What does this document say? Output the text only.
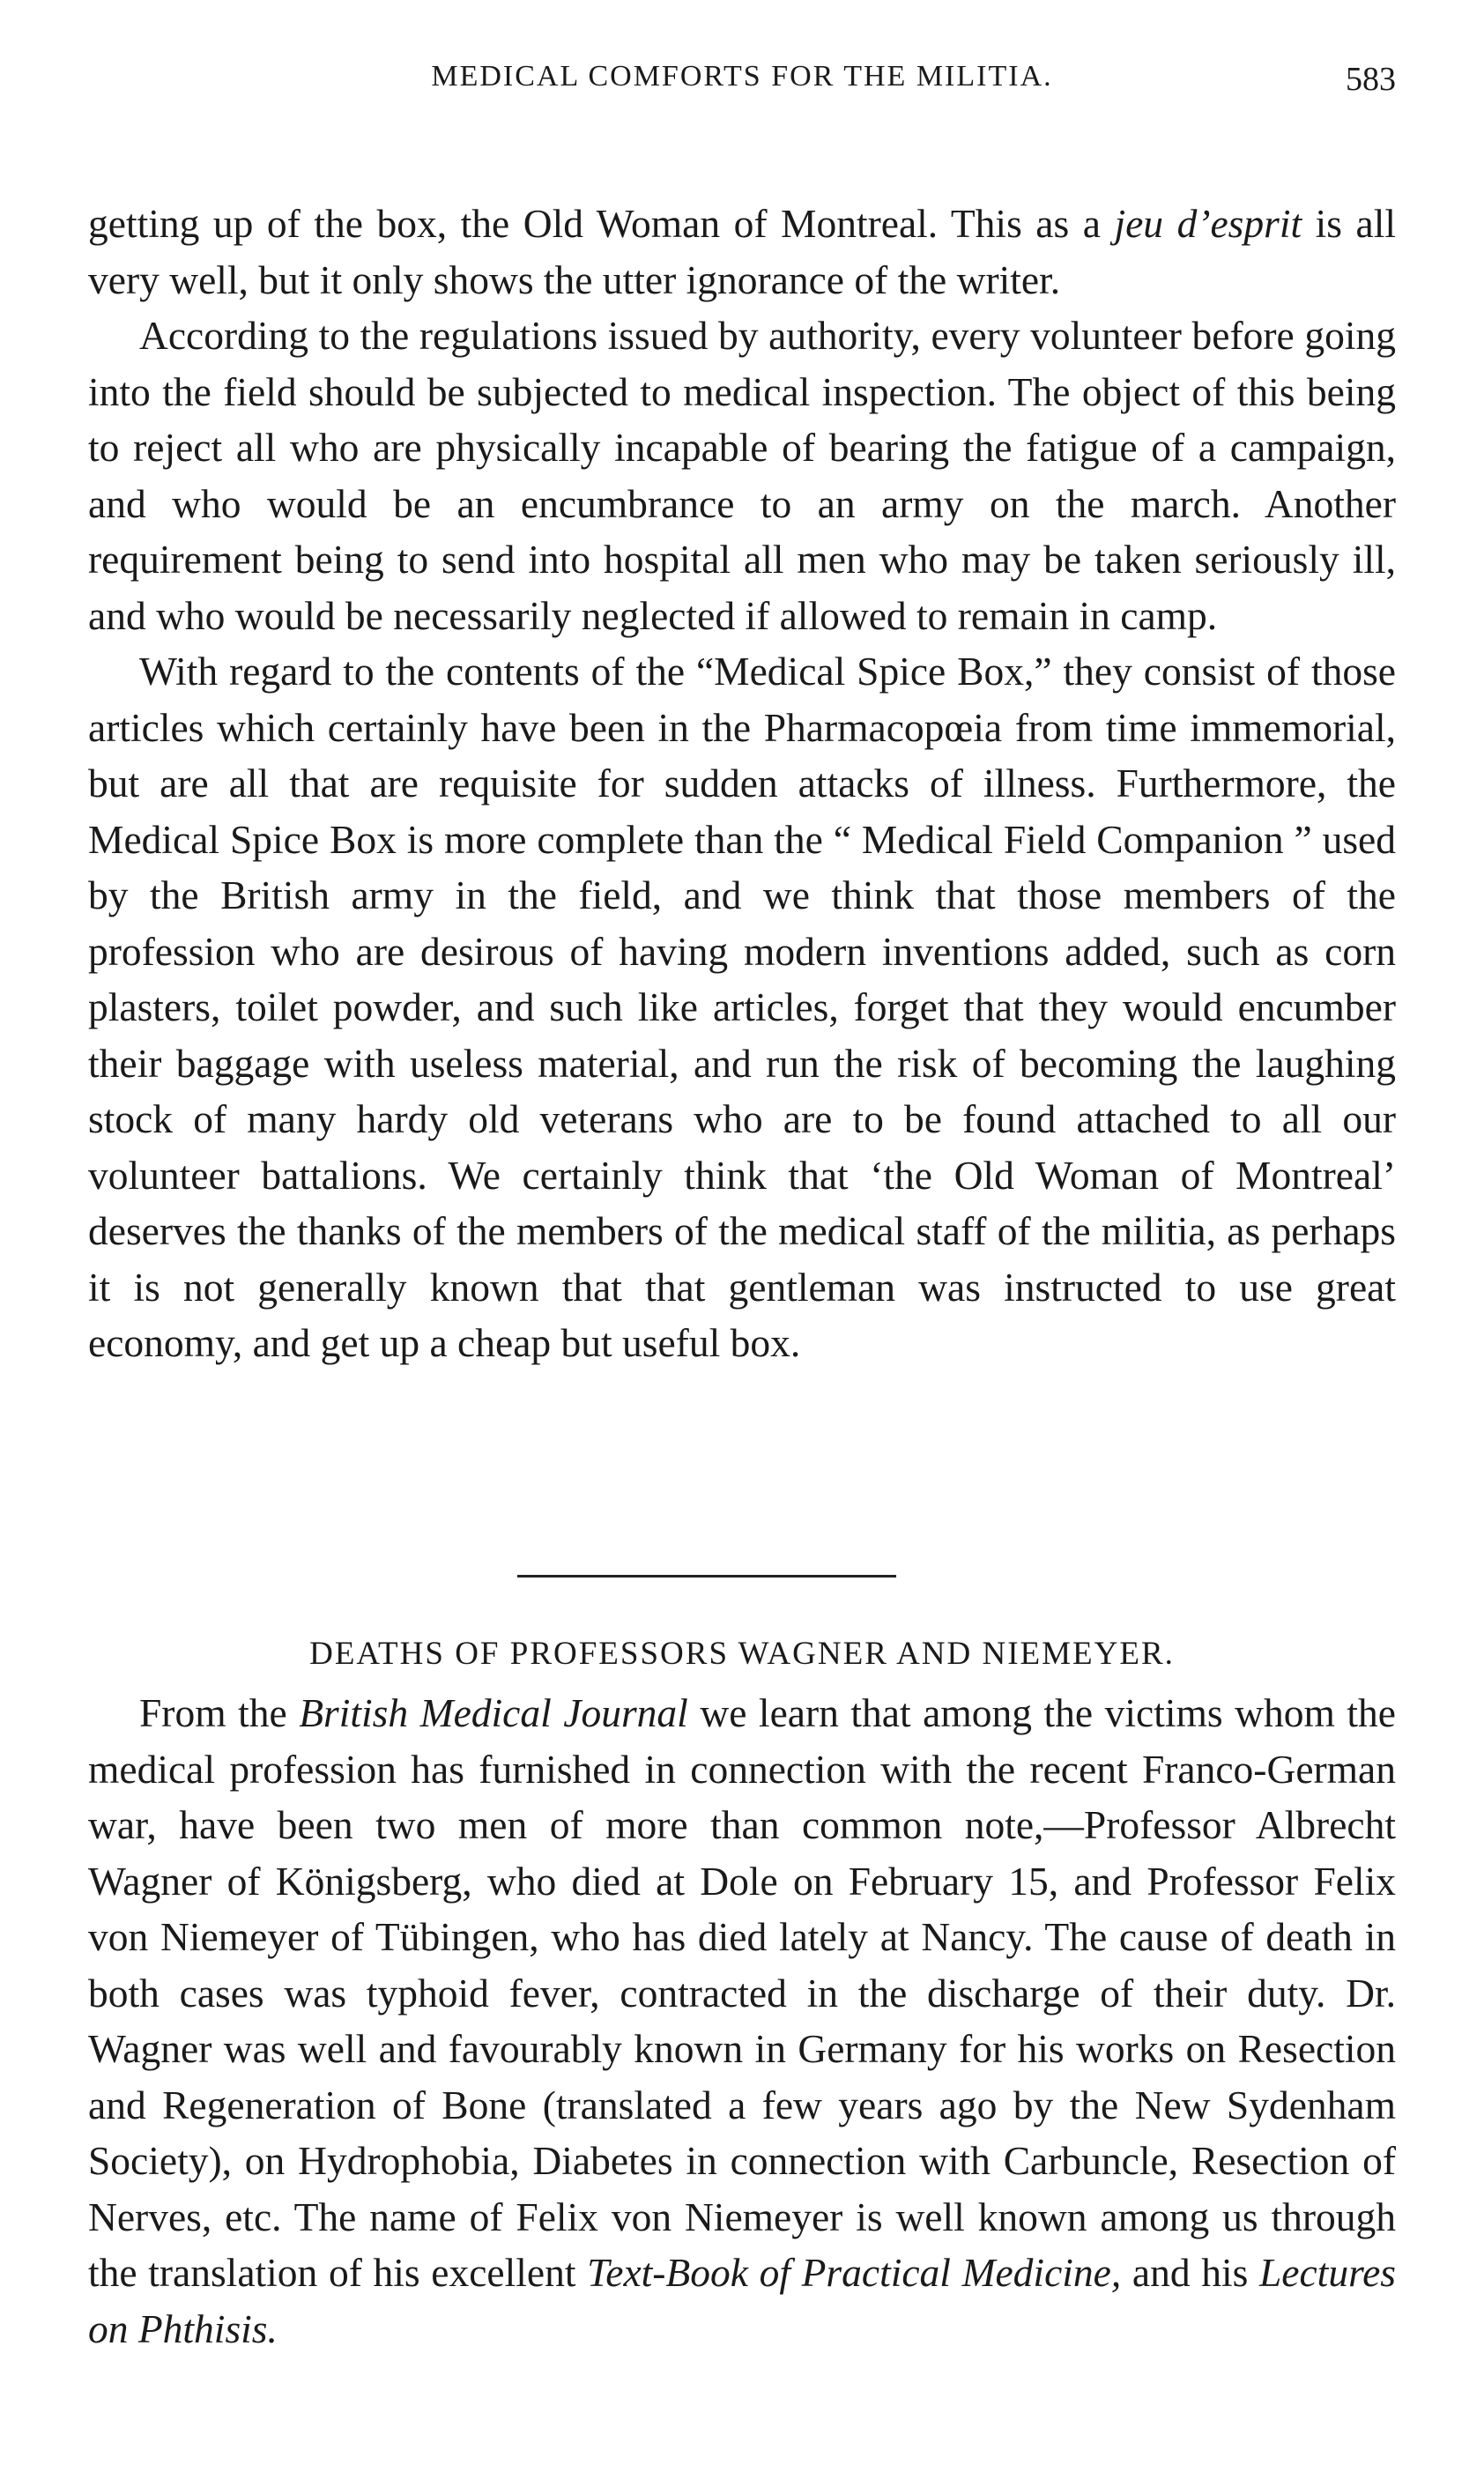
MEDICAL COMFORTS FOR THE MILITIA.	583

getting up of the box, the Old Woman of Montreal. This as a jeu d’esprit is all very well, but it only shows the utter ignorance of the writer.

According to the regulations issued by authority, every volunteer before going into the field should be subjected to medical inspection. The object of this being to reject all who are physically incapable of bearing the fatigue of a campaign, and who would be an encumbrance to an army on the march. Another requirement being to send into hospital all men who may be taken seriously ill, and who would be necessarily neglected if allowed to remain in camp.

With regard to the contents of the “Medical Spice Box,” they consist of those articles which certainly have been in the Pharmacopœia from time immemorial, but are all that are requisite for sudden attacks of illness. Furthermore, the Medical Spice Box is more complete than the “ Medical Field Companion ” used by the British army in the field, and we think that those members of the profession who are desirous of having modern inventions added, such as corn plasters, toilet powder, and such like articles, forget that they would encumber their baggage with useless material, and run the risk of becoming the laughing stock of many hardy old veterans who are to be found attached to all our volunteer battalions. We certainly think that ‘the Old Woman of Montreal’ deserves the thanks of the members of the medical staff of the militia, as perhaps it is not generally known that that gentleman was instructed to use great economy, and get up a cheap but useful box.

DEATHS OF PROFESSORS WAGNER AND NIEMEYER.

From the British Medical Journal we learn that among the victims whom the medical profession has furnished in connection with the recent Franco-German war, have been two men of more than common note,—Professor Albrecht Wagner of Königsberg, who died at Dole on February 15, and Professor Felix von Niemeyer of Tübingen, who has died lately at Nancy. The cause of death in both cases was typhoid fever, contracted in the discharge of their duty. Dr. Wagner was well and favourably known in Germany for his works on Resection and Regeneration of Bone (translated a few years ago by the New Sydenham Society), on Hydrophobia, Diabetes in connection with Carbuncle, Resection of Nerves, etc. The name of Felix von Niemeyer is well known among us through the translation of his excellent Text-Book of Practical Medicine, and his Lectures on Phthisis.
